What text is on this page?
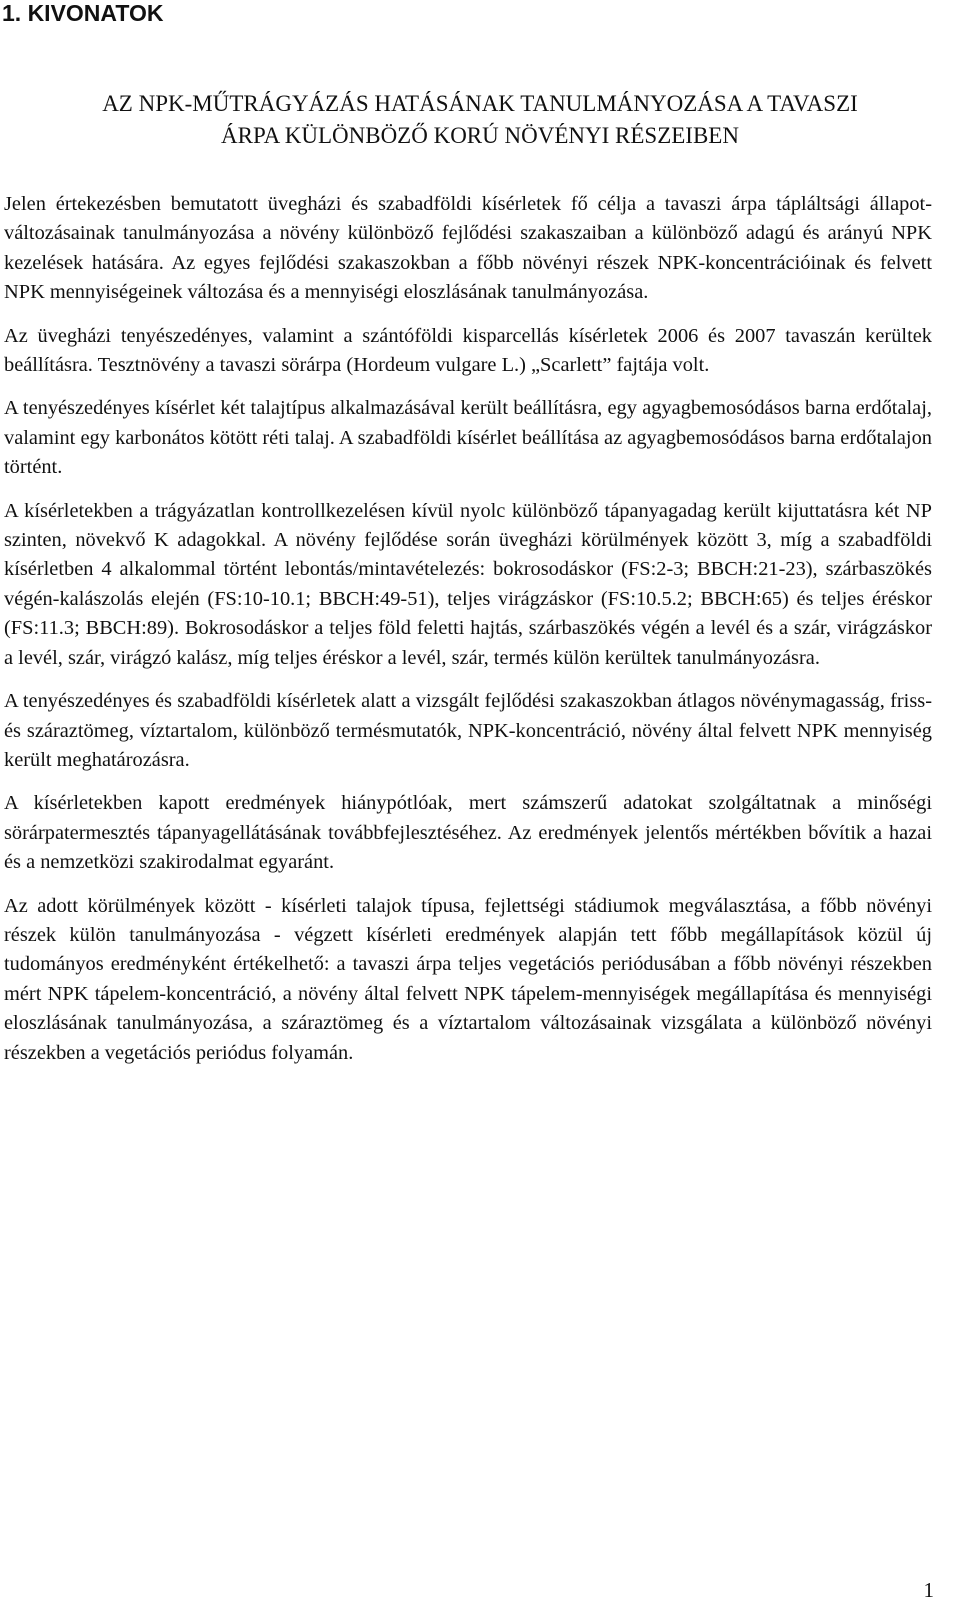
1. KIVONATOK
AZ NPK-MŰTRÁGYÁZÁS HATÁSÁNAK TANULMÁNYOZÁSA A TAVASZI
ÁRPA KÜLÖNBÖZŐ KORÚ NÖVÉNYI RÉSZEIBEN

Jelen értekezésben bemutatott üvegházi és szabadföldi kísérletek fő célja a tavaszi árpa tápláltsági állapot-változásainak tanulmányozása a növény különböző fejlődési szakaszaiban a különböző adagú és arányú NPK kezelések hatására. Az egyes fejlődési szakaszokban a főbb növényi részek NPK-koncentrációinak és felvett NPK mennyiségeinek változása és a mennyiségi eloszlásának tanulmányozása.

Az üvegházi tenyészedényes, valamint a szántóföldi kisparcellás kísérletek 2006 és 2007 tavaszán kerültek beállításra. Tesztnövény a tavaszi sörárpa (Hordeum vulgare L.) „Scarlett” fajtája volt.

A tenyészedényes kísérlet két talajtípus alkalmazásával került beállításra, egy agyagbemosódásos barna erdőtalaj, valamint egy karbonátos kötött réti talaj. A szabadföldi kísérlet beállítása az agyagbemosódásos barna erdőtalajon történt.

A kísérletekben a trágyázatlan kontrollkezelésen kívül nyolc különböző tápanyagadag került kijuttatásra két NP szinten, növekvő K adagokkal. A növény fejlődése során üvegházi körülmények között 3, míg a szabadföldi kísérletben 4 alkalommal történt lebontás/mintavételezés: bokrosodáskor (FS:2-3; BBCH:21-23), szárbaszökés végén-kalászolás elején (FS:10-10.1; BBCH:49-51), teljes virágzáskor (FS:10.5.2; BBCH:65) és teljes éréskor (FS:11.3; BBCH:89). Bokrosodáskor a teljes föld feletti hajtás, szárbaszökés végén a levél és a szár, virágzáskor a levél, szár, virágzó kalász, míg teljes éréskor a levél, szár, termés külön kerültek tanulmányozásra.

A tenyészedényes és szabadföldi kísérletek alatt a vizsgált fejlődési szakaszokban átlagos növénymagasság, friss- és száraztömeg, víztartalom, különböző termésmutatók, NPK-koncentráció, növény által felvett NPK mennyiség került meghatározásra.

A kísérletekben kapott eredmények hiánypótlóak, mert számszerű adatokat szolgáltatnak a minőségi sörárpatermesztés tápanyagellátásának továbbfejlesztéséhez. Az eredmények jelentős mértékben bővítik a hazai és a nemzetközi szakirodalmat egyaránt.

Az adott körülmények között - kísérleti talajok típusa, fejlettségi stádiumok megválasztása, a főbb növényi részek külön tanulmányozása - végzett kísérleti eredmények alapján tett főbb megállapítások közül új tudományos eredményként értékelhető: a tavaszi árpa teljes vegetációs periódusában a főbb növényi részekben mért NPK tápelem-koncentráció, a növény által felvett NPK tápelem-mennyiségek megállapítása és mennyiségi eloszlásának tanulmányozása, a száraztömeg és a víztartalom változásainak vizsgálata a különböző növényi részekben a vegetációs periódus folyamán.

1
